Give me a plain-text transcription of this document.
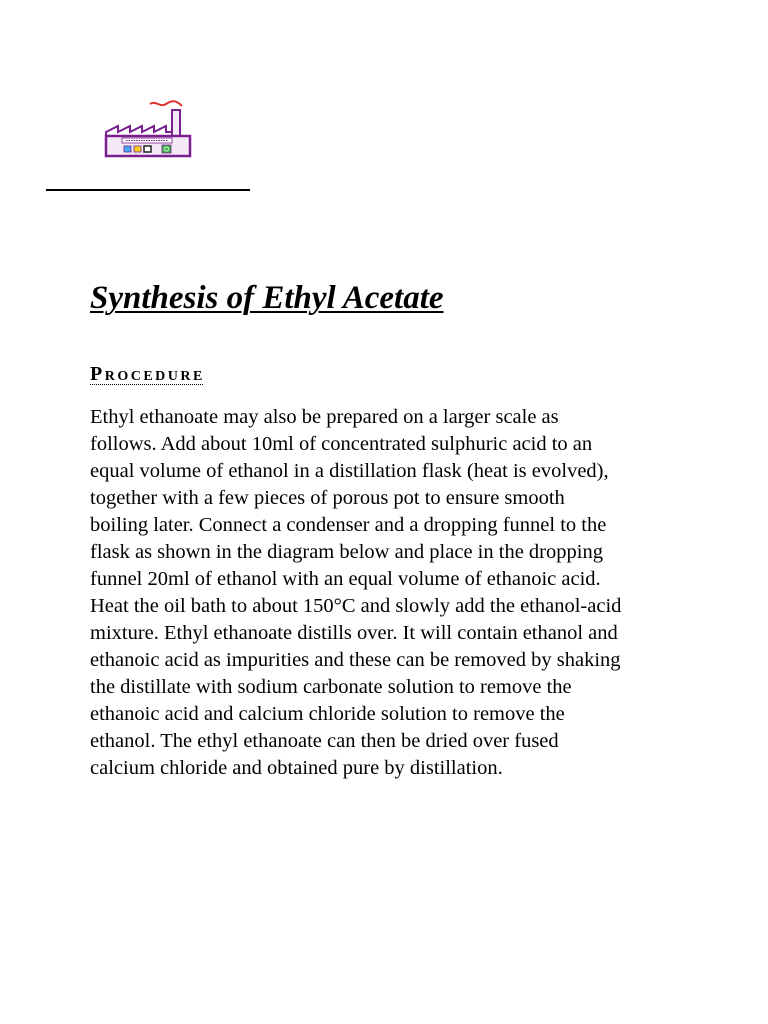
Synthesis of Ethyl Acetate
Procedure

Ethyl ethanoate may also be prepared on a larger scale as
follows. Add about 10ml of concentrated sulphuric acid to an
equal volume of ethanol in a distillation flask (heat is evolved),
together with a few pieces of porous pot to ensure smooth
boiling later. Connect a condenser and a dropping funnel to the
flask as shown in the diagram below and place in the dropping
funnel 20ml of ethanol with an equal volume of ethanoic acid.
Heat the oil bath to about 150°C and slowly add the ethanol-acid
mixture. Ethyl ethanoate distills over. It will contain ethanol and
ethanoic acid as impurities and these can be removed by shaking
the distillate with sodium carbonate solution to remove the
ethanoic acid and calcium chloride solution to remove the
ethanol. The ethyl ethanoate can then be dried over fused
calcium chloride and obtained pure by distillation.
